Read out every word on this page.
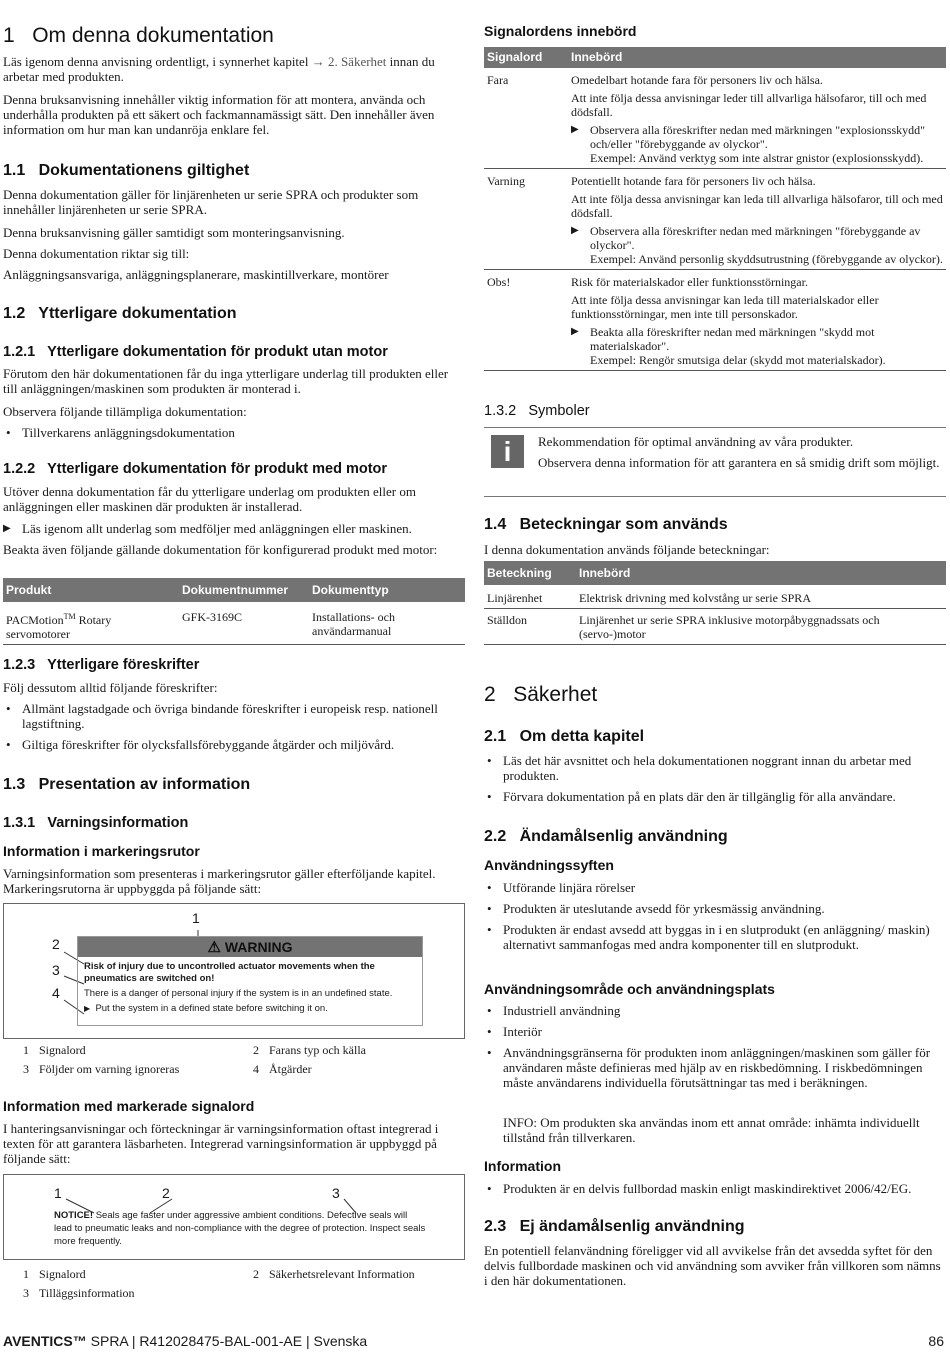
1 Om denna dokumentation

Läs igenom denna anvisning ordentligt, i synnerhet kapitel → 2. Säkerhet innan du arbetar med produkten.

Denna bruksanvisning innehåller viktig information för att montera, använda och underhålla produkten på ett säkert och fackmannamässigt sätt. Den innehåller även information om hur man kan undanröja enklare fel.

1.1 Dokumentationens giltighet

Denna dokumentation gäller för linjärenheten ur serie SPRA och produkter som innehåller linjärenheten ur serie SPRA.

Denna bruksanvisning gäller samtidigt som monteringsanvisning.

Denna dokumentation riktar sig till:

Anläggningsansvariga, anläggningsplanerare, maskintillverkare, montörer

1.2 Ytterligare dokumentation
1.2.1 Ytterligare dokumentation för produkt utan motor

Förutom den här dokumentationen får du inga ytterligare underlag till produkten eller till anläggningen/maskinen som produkten är monterad i.

Observera följande tillämpliga dokumentation:

• Tillverkarens anläggningsdokumentation
1.2.2 Ytterligare dokumentation för produkt med motor

Utöver denna dokumentation får du ytterligare underlag om produkten eller om anläggningen eller maskinen där produkten är installerad.

▶ Läs igenom allt underlag som medföljer med anläggningen eller maskinen.

Beakta även följande gällande dokumentation för konfigurerad produkt med motor:

Produkt	Dokumentnummer	Dokumenttyp
PACMotion™ Rotary servomotorer	GFK-3169C	Installations- och användarmanual
1.2.3 Ytterligare föreskrifter

Följ dessutom alltid följande föreskrifter:

• Allmänt lagstadgade och övriga bindande föreskrifter i europeisk resp. nationell lagstiftning.
• Giltiga föreskrifter för olycksfallsförebyggande åtgärder och miljövård.
1.3 Presentation av information
1.3.1 Varningsinformation
Information i markeringsrutor

Varningsinformation som presenteras i markeringsrutor gäller efterföljande kapitel. Markeringsrutorna är uppbyggda på följande sätt:

1
2
3
4
⚠ WARNING

Risk of injury due to uncontrolled actuator movements when the pneumatics are switched on!

There is a danger of personal injury if the system is in an undefined state.

▶ Put the system in a defined state before switching it on.

1 Signalord	2 Farans typ och källa
3 Följder om varning ignoreras	4 Åtgärder
Information med markerade signalord

I hanteringsanvisningar och förteckningar är varningsinformation oftast integrerad i texten för att garantera läsbarheten. Integrerad varningsinformation är uppbyggd på följande sätt:

1	2	3

NOTICE! Seals age faster under aggressive ambient conditions. Defective seals will lead to pneumatic leaks and non-compliance with the degree of protection. Inspect seals more frequently.

1 Signalord	2 Säkerhetsrelevant Information
3 Tilläggsinformation
Signalordens innebörd
Signalord	Innebörd
Fara	Omedelbart hotande fara för personers liv och hälsa.

Att inte följa dessa anvisningar leder till allvarliga hälsofaror, till och med dödsfall.

▶ Observera alla föreskrifter nedan med märkningen "explosionsskydd" och/eller "förebyggande av olyckor".

Exempel: Använd verktyg som inte alstrar gnistor (explosionsskydd).

Varning	Potentiellt hotande fara för personers liv och hälsa.

Att inte följa dessa anvisningar kan leda till allvarliga hälsofaror, till och med dödsfall.

▶ Observera alla föreskrifter nedan med märkningen "förebyggande av olyckor".

Exempel: Använd personlig skyddsutrustning (förebyggande av olyckor).

Obs!	Risk för materialskador eller funktionsstörningar.

Att inte följa dessa anvisningar kan leda till materialskador eller funktionsstörningar, men inte till personskador.

▶ Beakta alla föreskrifter nedan med märkningen "skydd mot materialskador".

Exempel: Rengör smutsiga delar (skydd mot materialskador).

1.3.2 Symboler
i	Rekommendation för optimal användning av våra produkter.

Observera denna information för att garantera en så smidig drift som möjligt.

1.4 Beteckningar som används

I denna dokumentation används följande beteckningar:

Beteckning	Innebörd
Linjärenhet	Elektrisk drivning med kolvstång ur serie SPRA
Ställdon	Linjärenhet ur serie SPRA inklusive motorpåbyggnadssats och (servo-)motor
2 Säkerhet
2.1 Om detta kapitel
• Läs det här avsnittet och hela dokumentationen noggrant innan du arbetar med produkten.
• Förvara dokumentation på en plats där den är tillgänglig för alla användare.
2.2 Ändamålsenlig användning
Användningssyften
• Utförande linjära rörelser
• Produkten är uteslutande avsedd för yrkesmässig användning.
• Produkten är endast avsedd att byggas in i en slutprodukt (en anläggning/ maskin) alternativt sammanfogas med andra komponenter till en slutprodukt.
Användningsområde och användningsplats
• Industriell användning
• Interiör
• Användningsgränserna för produkten inom anläggningen/maskinen som gäller för användaren måste definieras med hjälp av en riskbedömning. I riskbedömningen måste användarens individuella förutsättningar tas med i beräkningen.

INFO: Om produkten ska användas inom ett annat område: inhämta individuellt tillstånd från tillverkaren.

Information
• Produkten är en delvis fullbordad maskin enligt maskindirektivet 2006/42/EG.
2.3 Ej ändamålsenlig användning

En potentiell felanvändning föreligger vid all avvikelse från det avsedda syftet för den delvis fullbordade maskinen och vid användning som avviker från villkoren som nämns i den här dokumentationen.

AVENTICS™ SPRA | R412028475-BAL-001-AE | Svenska	86
